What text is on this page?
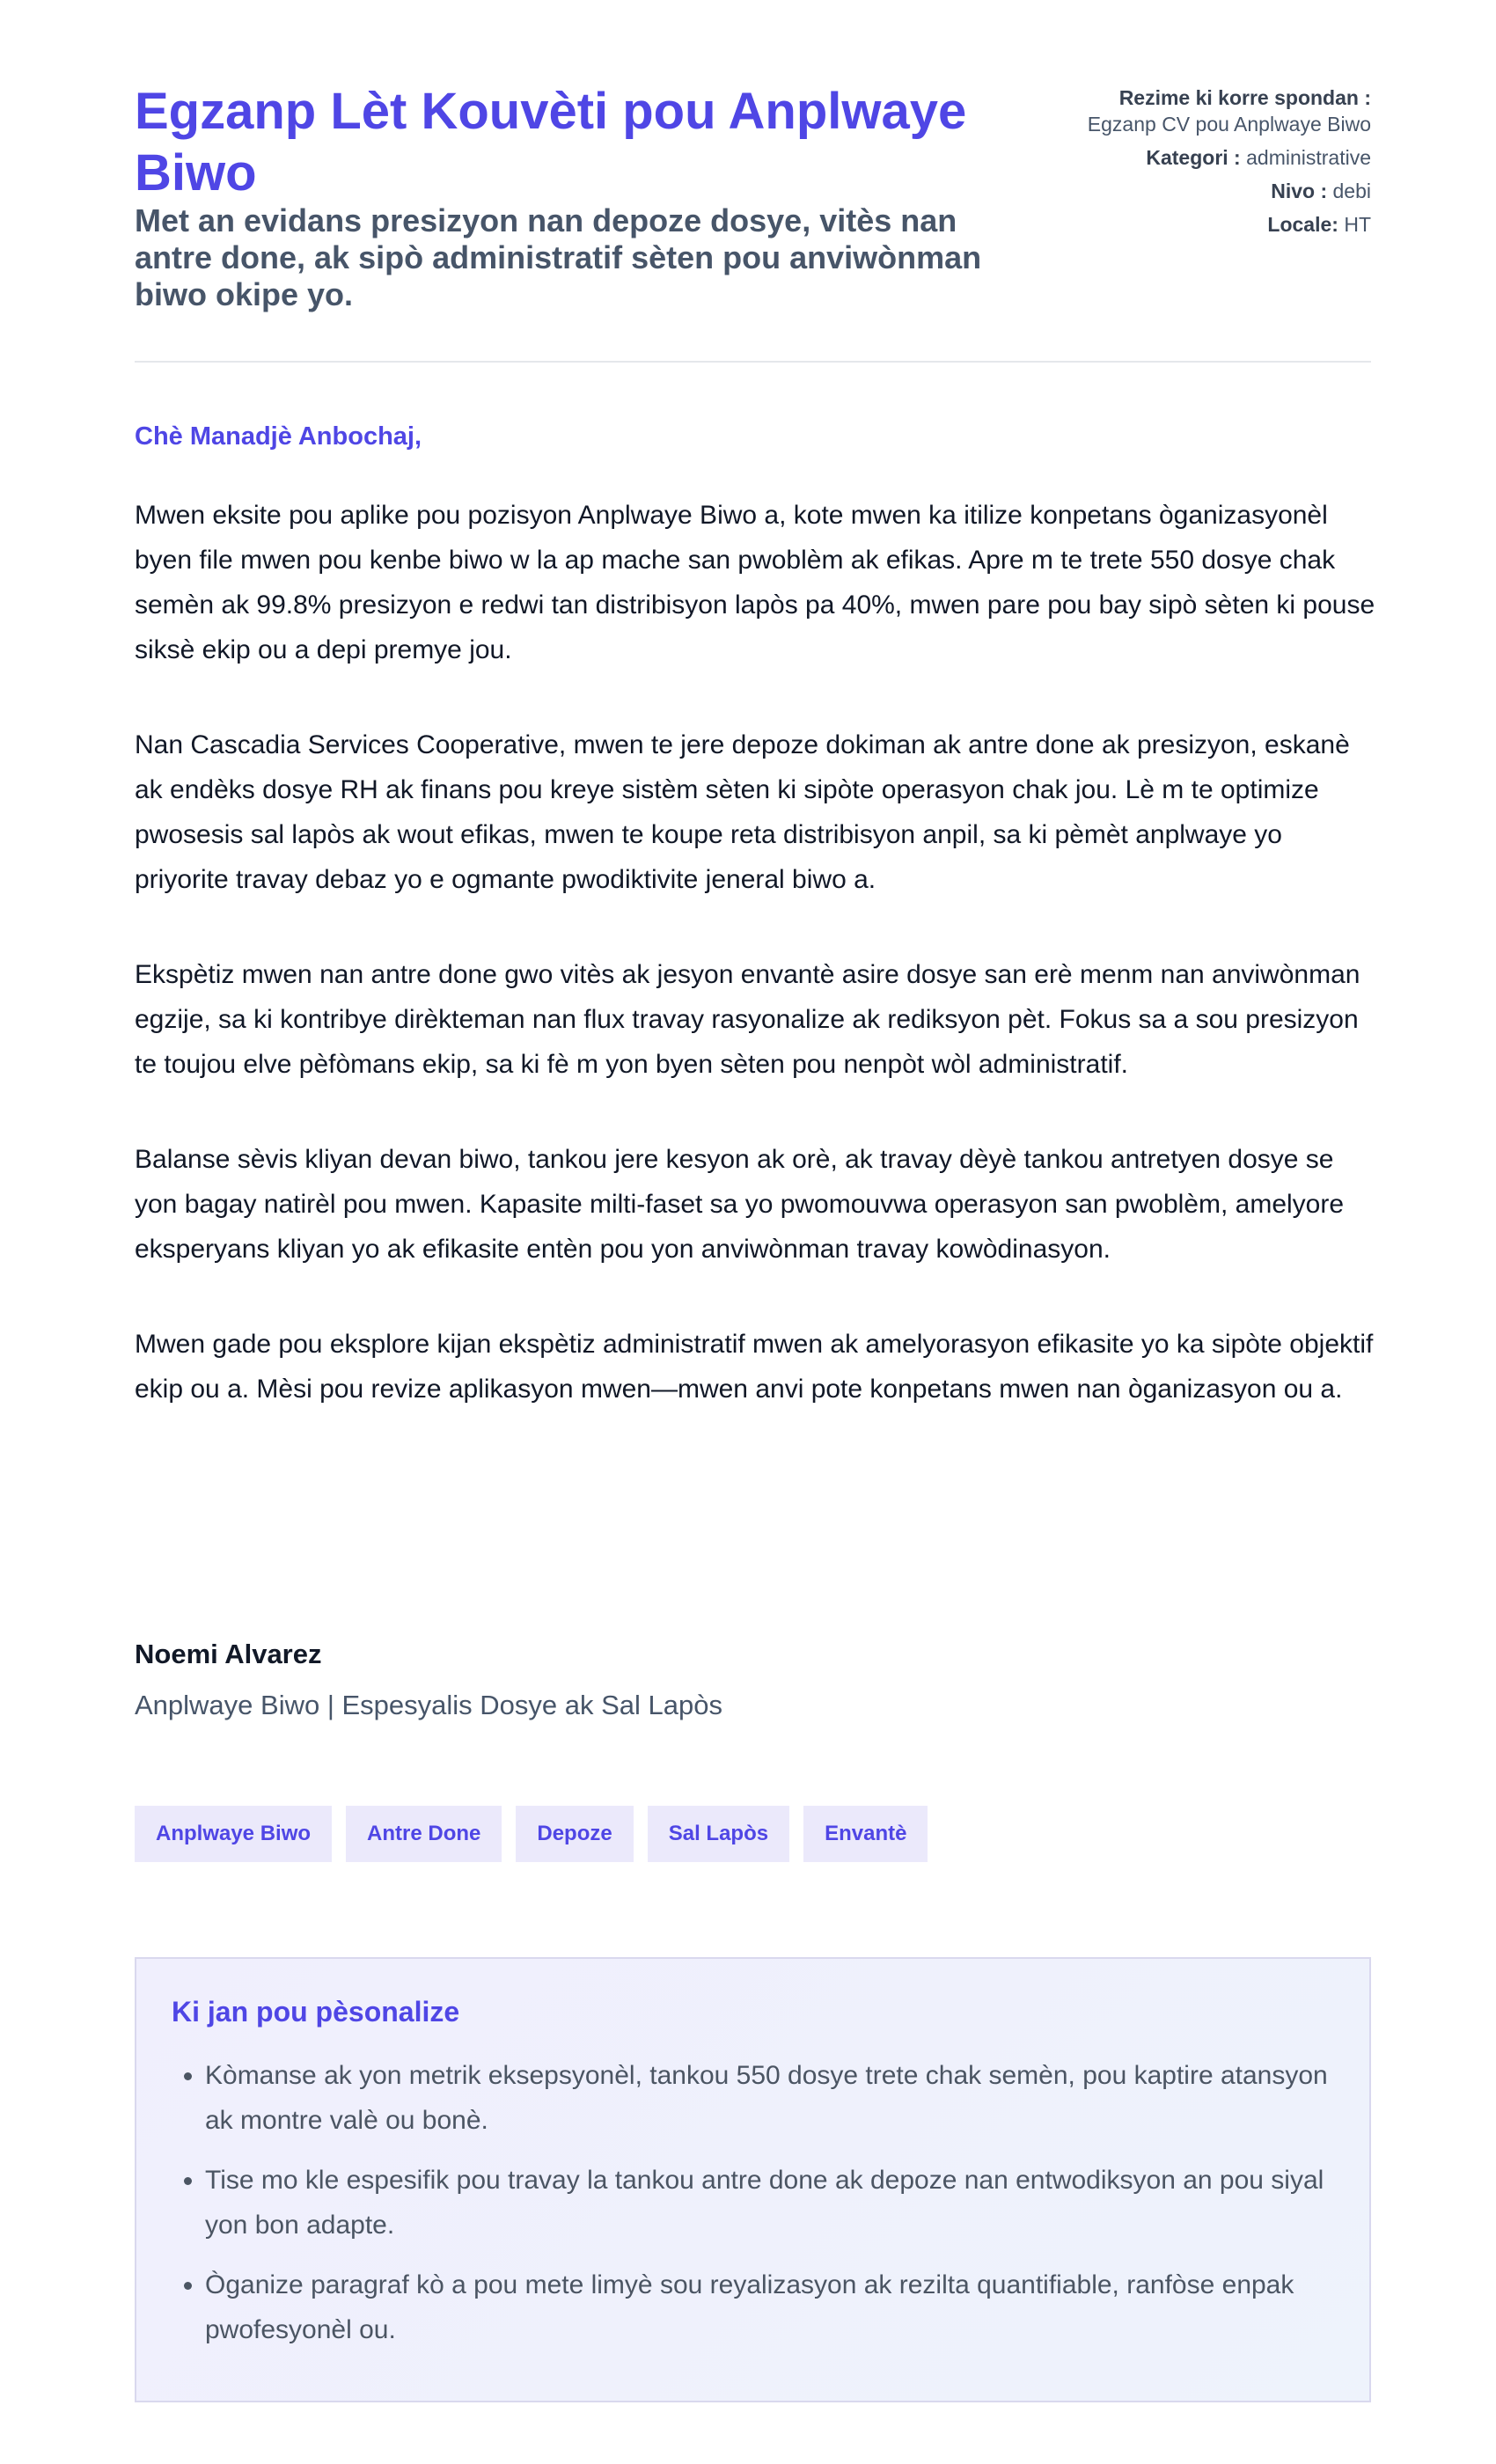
Egzanp Lèt Kouvèti pou Anplwaye Biwo

Met an evidans presizyon nan depoze dosye, vitès nan antre done, ak sipò administratif sèten pou anviwònman biwo okipe yo.

Rezime ki korre spondan :
Egzanp CV pou Anplwaye Biwo
Kategori : administrative
Nivo : debi
Locale: HT
Chè Manadjè Anbochaj,

Mwen eksite pou aplike pou pozisyon Anplwaye Biwo a, kote mwen ka itilize konpetans òganizasyonèl byen file mwen pou kenbe biwo w la ap mache san pwoblèm ak efikas. Apre m te trete 550 dosye chak semèn ak 99.8% presizyon e redwi tan distribisyon lapòs pa 40%, mwen pare pou bay sipò sèten ki pouse siksè ekip ou a depi premye jou.

Nan Cascadia Services Cooperative, mwen te jere depoze dokiman ak antre done ak presizyon, eskanè ak endèks dosye RH ak finans pou kreye sistèm sèten ki sipòte operasyon chak jou. Lè m te optimize pwosesis sal lapòs ak wout efikas, mwen te koupe reta distribisyon anpil, sa ki pèmèt anplwaye yo priyorite travay debaz yo e ogmante pwodiktivite jeneral biwo a.

Ekspètiz mwen nan antre done gwo vitès ak jesyon envantè asire dosye san erè menm nan anviwònman egzije, sa ki kontribye dirèkteman nan flux travay rasyonalize ak rediksyon pèt. Fokus sa a sou presizyon te toujou elve pèfòmans ekip, sa ki fè m yon byen sèten pou nenpòt wòl administratif.

Balanse sèvis kliyan devan biwo, tankou jere kesyon ak orè, ak travay dèyè tankou antretyen dosye se yon bagay natirèl pou mwen. Kapasite milti-faset sa yo pwomouvwa operasyon san pwoblèm, amelyore eksperyans kliyan yo ak efikasite entèn pou yon anviwònman travay kowòdinasyon.

Mwen gade pou eksplore kijan ekspètiz administratif mwen ak amelyorasyon efikasite yo ka sipòte objektif ekip ou a. Mèsi pou revize aplikasyon mwen—mwen anvi pote konpetans mwen nan òganizasyon ou a.

Noemi Alvarez
Anplwaye Biwo | Espesyalis Dosye ak Sal Lapòs
Anplwaye Biwo	Antre Done	Depoze	Sal Lapòs	Envantè
Ki jan pou pèsonalize
• Kòmanse ak yon metrik eksepsyonèl, tankou 550 dosye trete chak semèn, pou kaptire atansyon ak montre valè ou bonè.
• Tise mo kle espesifik pou travay la tankou antre done ak depoze nan entwodiksyon an pou siyal yon bon adapte.
• Òganize paragraf kò a pou mete limyè sou reyalizasyon ak rezilta quantifiable, ranfòse enpak pwofesyonèl ou.
